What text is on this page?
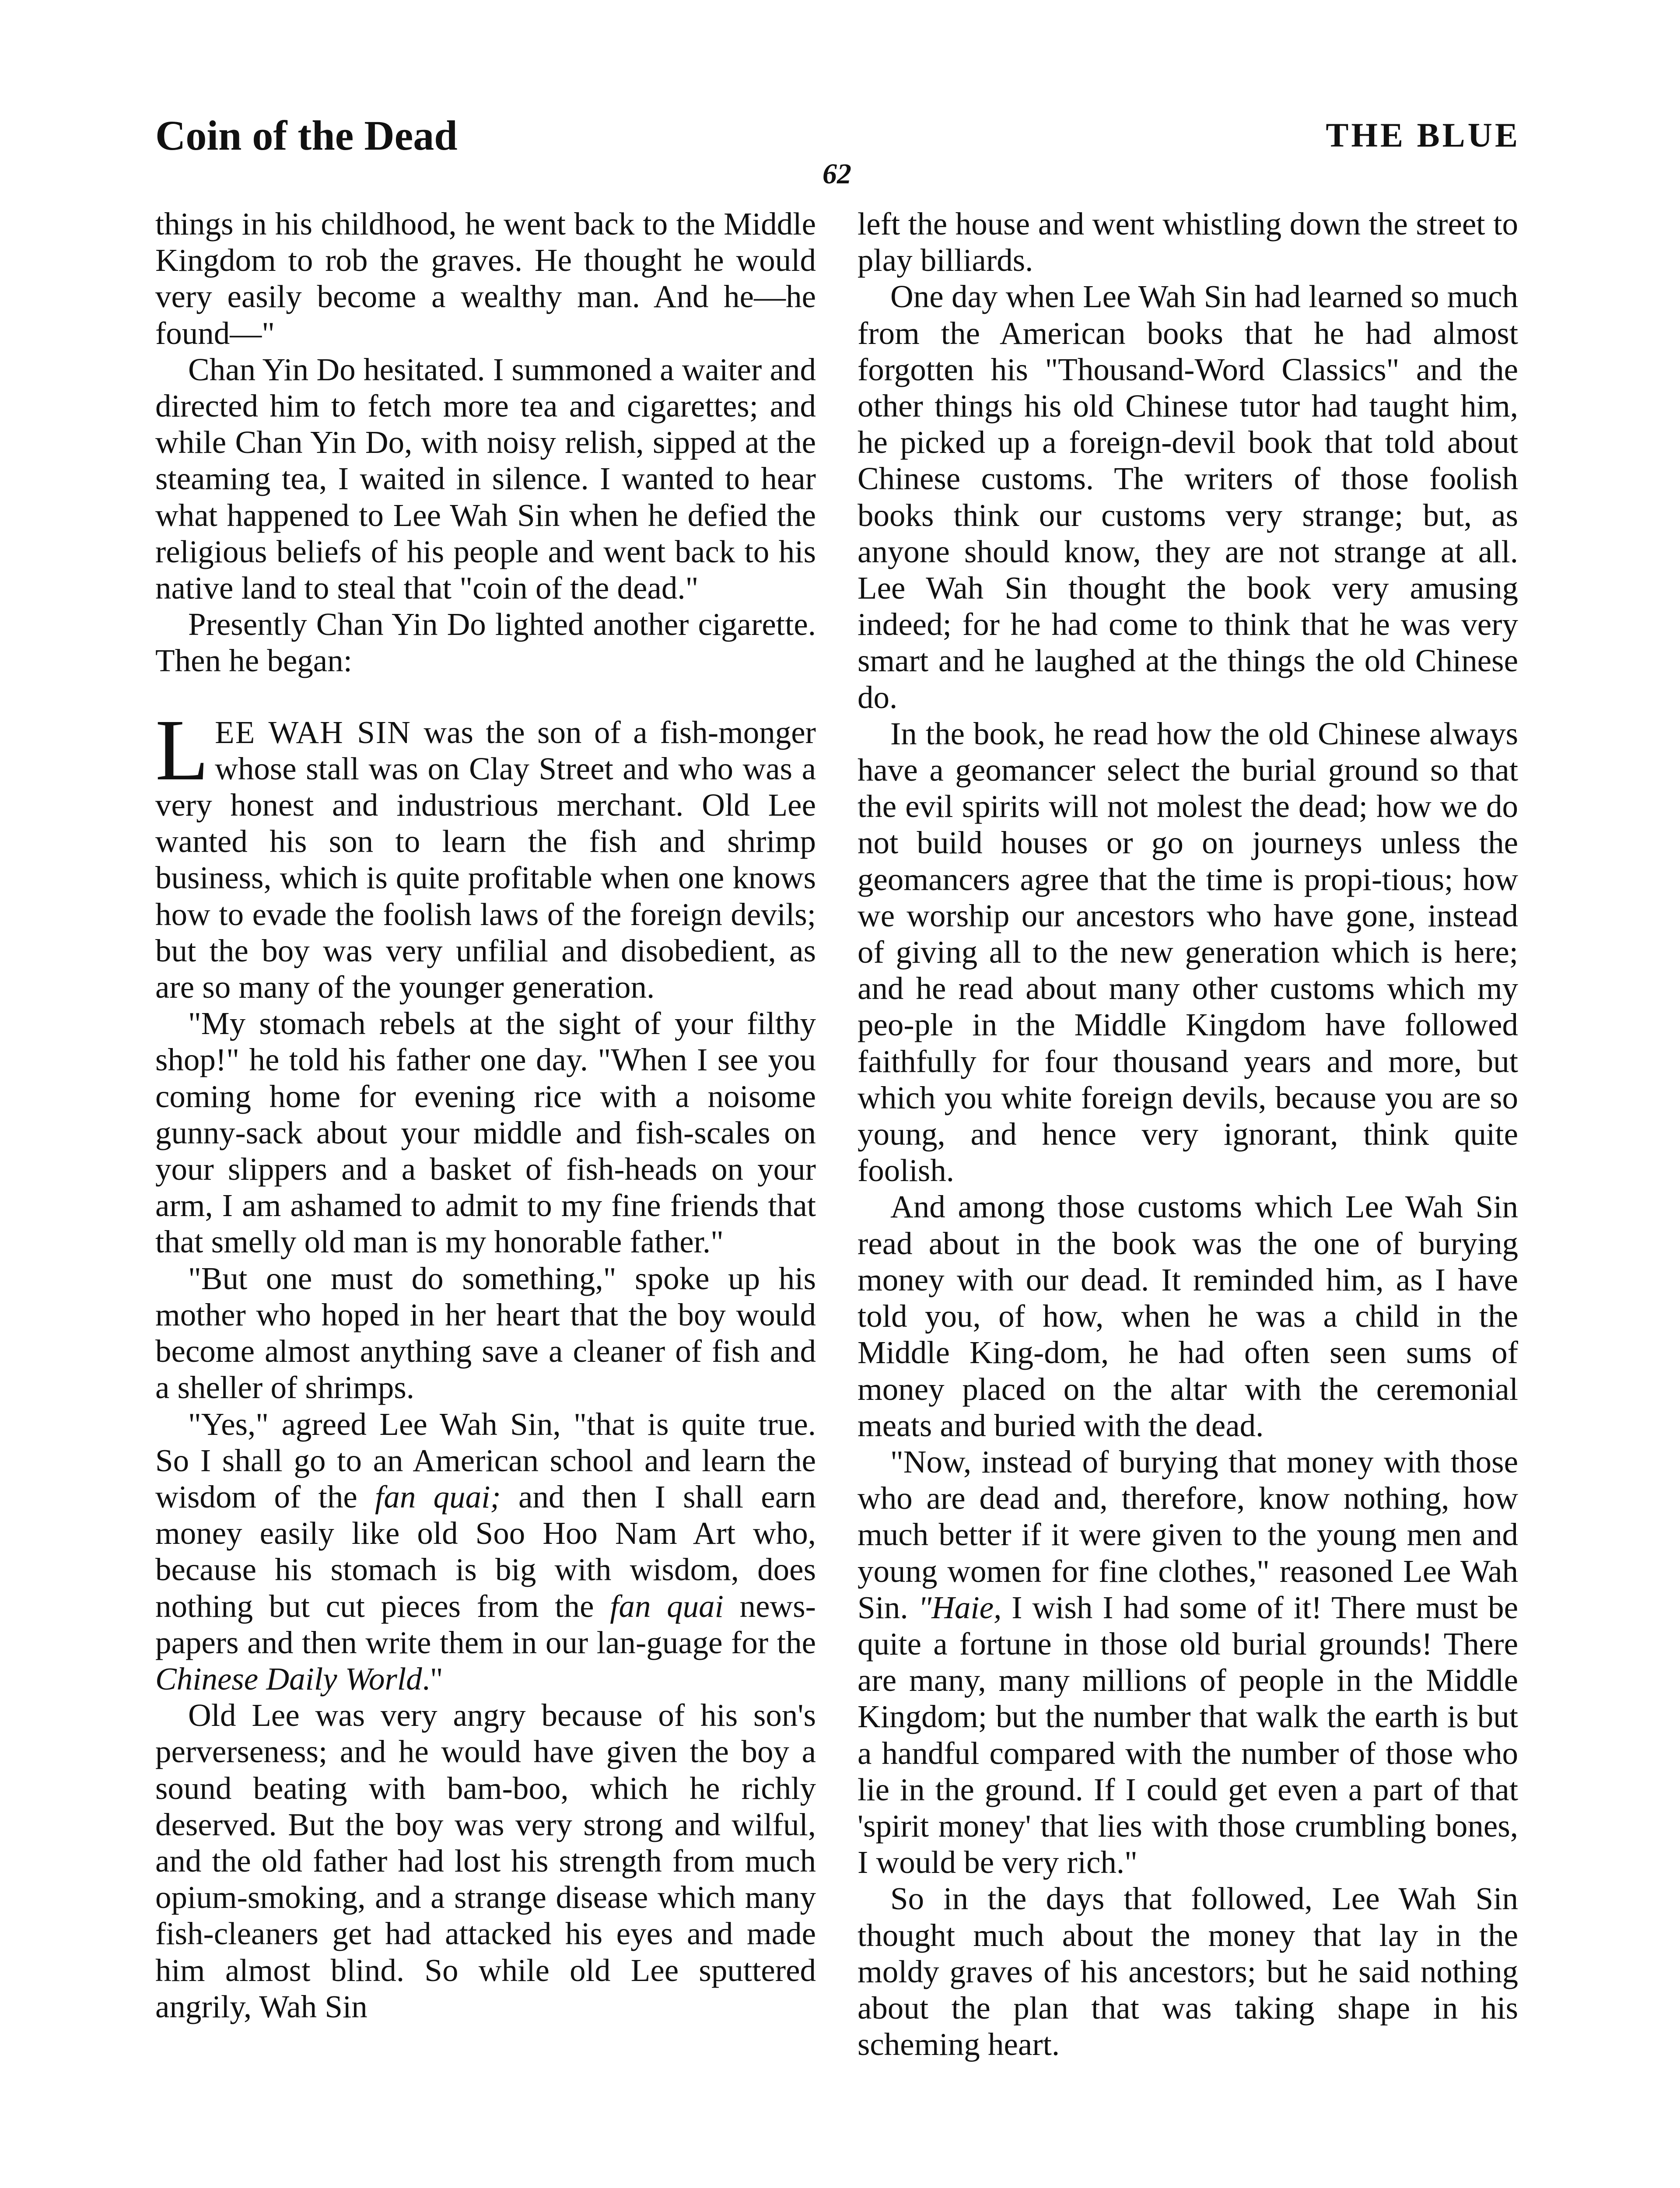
Coin of the Dead	THE BLUE
62

things in his childhood, he went back to the Middle Kingdom to rob the graves. He thought he would very easily become a wealthy man. And he—he found—"

Chan Yin Do hesitated. I summoned a waiter and directed him to fetch more tea and cigarettes; and while Chan Yin Do, with noisy relish, sipped at the steaming tea, I waited in silence. I wanted to hear what happened to Lee Wah Sin when he defied the religious beliefs of his people and went back to his native land to steal that "coin of the dead."

Presently Chan Yin Do lighted another cigarette. Then he began:

LEE WAH SIN was the son of a fish-monger whose stall was on Clay Street and who was a very honest and industrious merchant. Old Lee wanted his son to learn the fish and shrimp business, which is quite profitable when one knows how to evade the foolish laws of the foreign devils; but the boy was very unfilial and disobedient, as are so many of the younger generation.

"My stomach rebels at the sight of your filthy shop!" he told his father one day. "When I see you coming home for evening rice with a noisome gunny-sack about your middle and fish-scales on your slippers and a basket of fish-heads on your arm, I am ashamed to admit to my fine friends that that smelly old man is my honorable father."

"But one must do something," spoke up his mother who hoped in her heart that the boy would become almost anything save a cleaner of fish and a sheller of shrimps.

"Yes," agreed Lee Wah Sin, "that is quite true. So I shall go to an American school and learn the wisdom of the fan quai; and then I shall earn money easily like old Soo Hoo Nam Art who, because his stomach is big with wisdom, does nothing but cut pieces from the fan quai news-papers and then write them in our lan-guage for the Chinese Daily World."

Old Lee was very angry because of his son's perverseness; and he would have given the boy a sound beating with bam-boo, which he richly deserved. But the boy was very strong and wilful, and the old father had lost his strength from much opium-smoking, and a strange disease which many fish-cleaners get had attacked his eyes and made him almost blind. So while old Lee sputtered angrily, Wah Sin

left the house and went whistling down the street to play billiards.

One day when Lee Wah Sin had learned so much from the American books that he had almost forgotten his "Thousand-Word Classics" and the other things his old Chinese tutor had taught him, he picked up a foreign-devil book that told about Chinese customs. The writers of those foolish books think our customs very strange; but, as anyone should know, they are not strange at all. Lee Wah Sin thought the book very amusing indeed; for he had come to think that he was very smart and he laughed at the things the old Chinese do.

In the book, he read how the old Chinese always have a geomancer select the burial ground so that the evil spirits will not molest the dead; how we do not build houses or go on journeys unless the geomancers agree that the time is propi-tious; how we worship our ancestors who have gone, instead of giving all to the new generation which is here; and he read about many other customs which my peo-ple in the Middle Kingdom have followed faithfully for four thousand years and more, but which you white foreign devils, because you are so young, and hence very ignorant, think quite foolish.

And among those customs which Lee Wah Sin read about in the book was the one of burying money with our dead. It reminded him, as I have told you, of how, when he was a child in the Middle King-dom, he had often seen sums of money placed on the altar with the ceremonial meats and buried with the dead.

"Now, instead of burying that money with those who are dead and, therefore, know nothing, how much better if it were given to the young men and young women for fine clothes," reasoned Lee Wah Sin. "Haie, I wish I had some of it! There must be quite a fortune in those old burial grounds! There are many, many millions of people in the Middle Kingdom; but the number that walk the earth is but a handful compared with the number of those who lie in the ground. If I could get even a part of that 'spirit money' that lies with those crumbling bones, I would be very rich."

So in the days that followed, Lee Wah Sin thought much about the money that lay in the moldy graves of his ancestors; but he said nothing about the plan that was taking shape in his scheming heart.
